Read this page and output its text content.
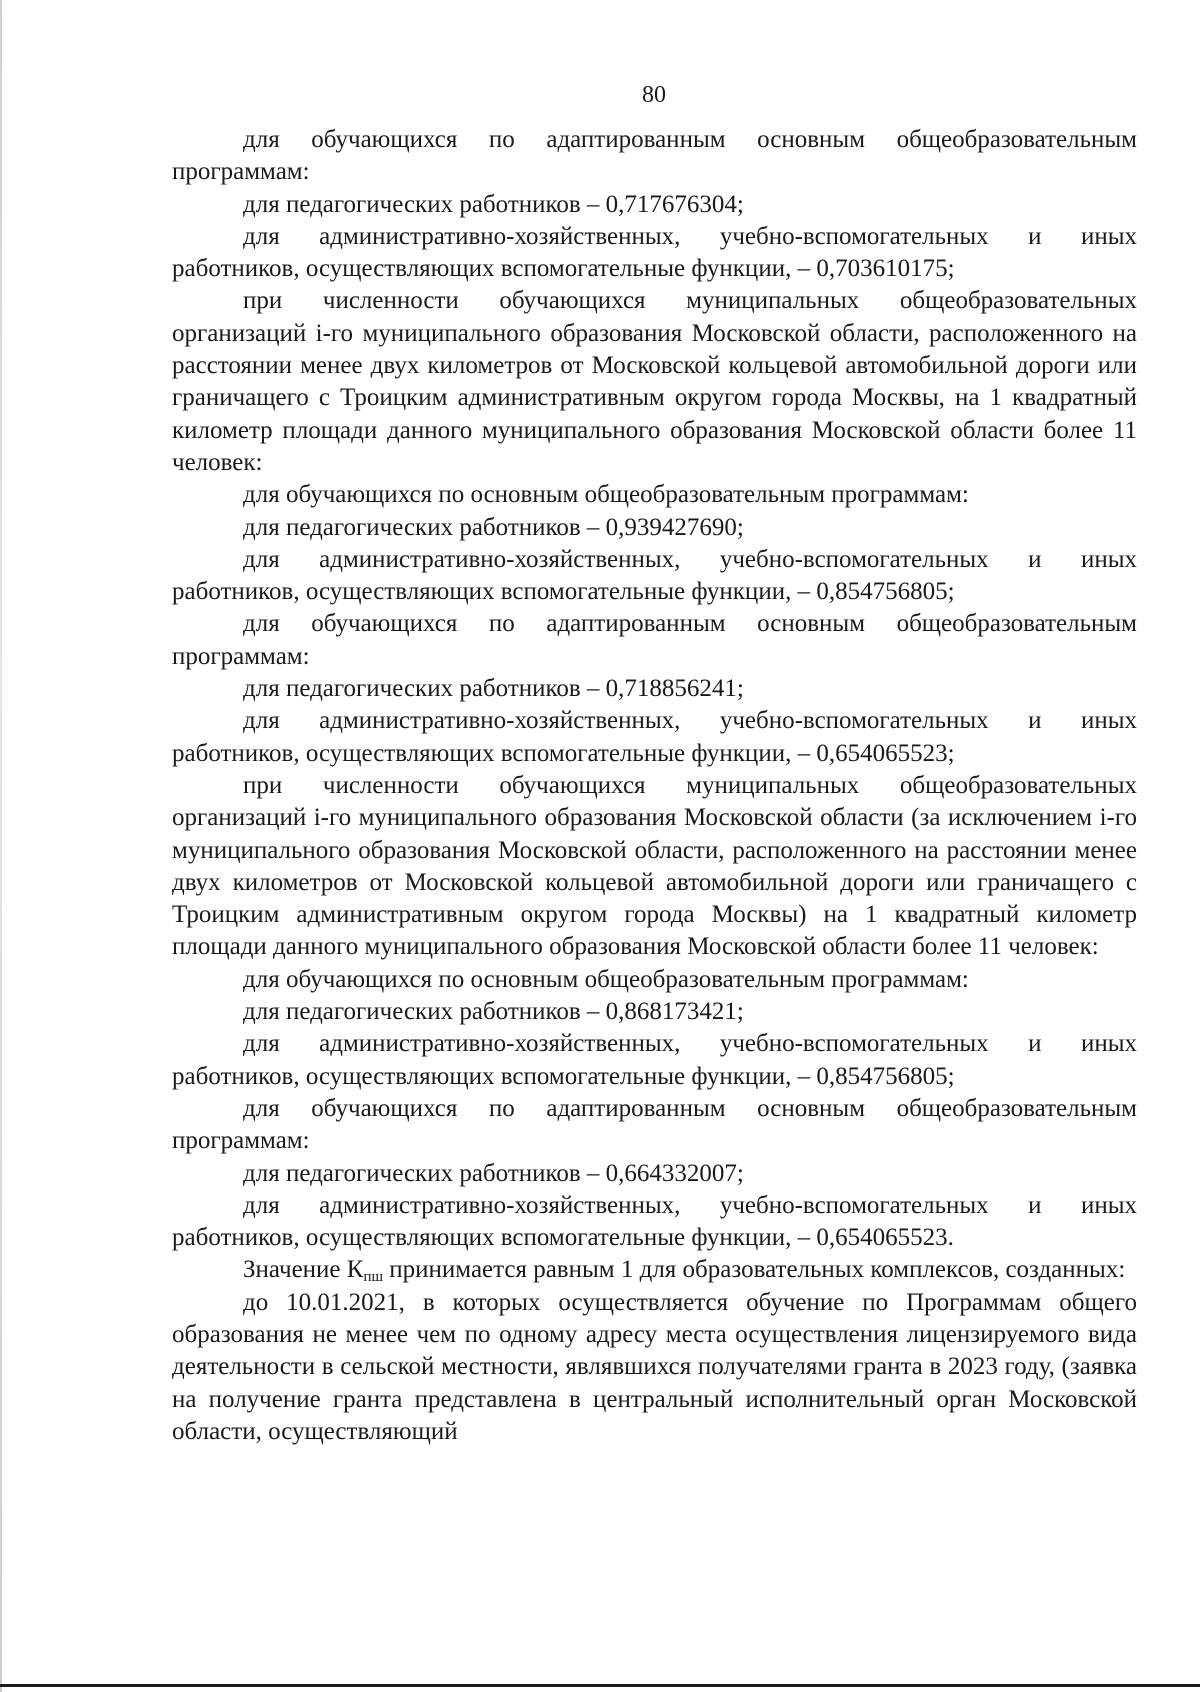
80

для обучающихся по адаптированным основным общеобразовательным программам:

для педагогических работников – 0,717676304;

для административно-хозяйственных, учебно-вспомогательных и иных работников, осуществляющих вспомогательные функции, – 0,703610175;

при численности обучающихся муниципальных общеобразовательных организаций i-го муниципального образования Московской области, расположенного на расстоянии менее двух километров от Московской кольцевой автомобильной дороги или граничащего с Троицким административным округом города Москвы, на 1 квадратный километр площади данного муниципального образования Московской области более 11 человек:

для обучающихся по основным общеобразовательным программам:

для педагогических работников – 0,939427690;

для административно-хозяйственных, учебно-вспомогательных и иных работников, осуществляющих вспомогательные функции, – 0,854756805;

для обучающихся по адаптированным основным общеобразовательным программам:

для педагогических работников – 0,718856241;

для административно-хозяйственных, учебно-вспомогательных и иных работников, осуществляющих вспомогательные функции, – 0,654065523;

при численности обучающихся муниципальных общеобразовательных организаций i-го муниципального образования Московской области (за исключением i-го муниципального образования Московской области, расположенного на расстоянии менее двух километров от Московской кольцевой автомобильной дороги или граничащего с Троицким административным округом города Москвы) на 1 квадратный километр площади данного муниципального образования Московской области более 11 человек:

для обучающихся по основным общеобразовательным программам:

для педагогических работников – 0,868173421;

для административно-хозяйственных, учебно-вспомогательных и иных работников, осуществляющих вспомогательные функции, – 0,854756805;

для обучающихся по адаптированным основным общеобразовательным программам:

для педагогических работников – 0,664332007;

для административно-хозяйственных, учебно-вспомогательных и иных работников, осуществляющих вспомогательные функции, – 0,654065523.

Значение $К_{пш}$ принимается равным 1 для образовательных комплексов, созданных:

до 10.01.2021, в которых осуществляется обучение по Программам общего образования не менее чем по одному адресу места осуществления лицензируемого вида деятельности в сельской местности, являвшихся получателями гранта в 2023 году, (заявка на получение гранта представлена в центральный исполнительный орган Московской области, осуществляющий
